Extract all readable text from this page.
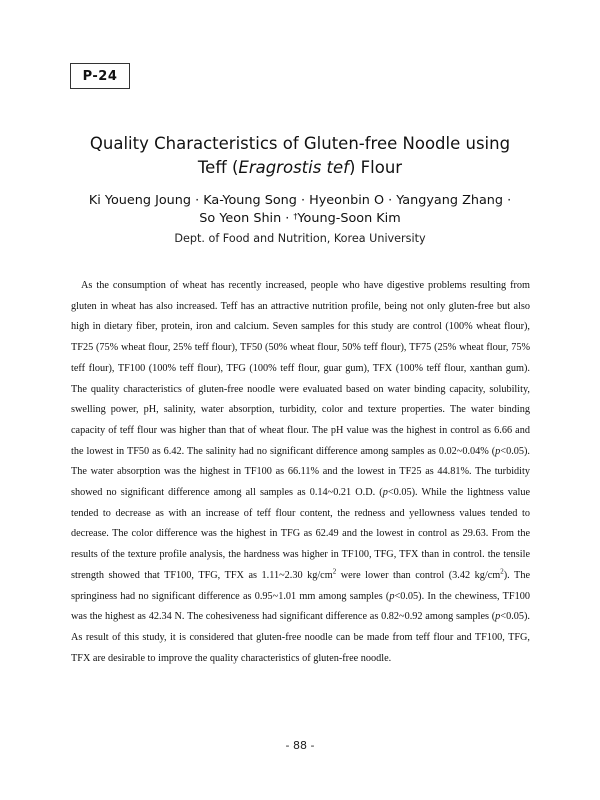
P-24
Quality Characteristics of Gluten-free Noodle using
Teff (Eragrostis tef) Flour
Ki Youeng Joung · Ka-Young Song · Hyeonbin O · Yangyang Zhang ·
So Yeon Shin · †Young-Soon Kim
Dept. of Food and Nutrition, Korea University

As the consumption of wheat has recently increased, people who have digestive problems resulting from gluten in wheat has also increased. Teff has an attractive nutrition profile, being not only gluten-free but also high in dietary fiber, protein, iron and calcium. Seven samples for this study are control (100% wheat flour), TF25 (75% wheat flour, 25% teff flour), TF50 (50% wheat flour, 50% teff flour), TF75 (25% wheat flour, 75% teff flour), TF100 (100% teff flour), TFG (100% teff flour, guar gum), TFX (100% teff flour, xanthan gum). The quality characteristics of gluten-free noodle were evaluated based on water binding capacity, solubility, swelling power, pH, salinity, water absorption, turbidity, color and texture properties. The water binding capacity of teff flour was higher than that of wheat flour. The pH value was the highest in control as 6.66 and the lowest in TF50 as 6.42. The salinity had no significant difference among samples as 0.02~0.04% (p<0.05). The water absorption was the highest in TF100 as 66.11% and the lowest in TF25 as 44.81%. The turbidity showed no significant difference among all samples as 0.14~0.21 O.D. (p<0.05). While the lightness value tended to decrease as with an increase of teff flour content, the redness and yellowness values tended to decrease. The color difference was the highest in TFG as 62.49 and the lowest in control as 29.63. From the results of the texture profile analysis, the hardness was higher in TF100, TFG, TFX than in control. the tensile strength showed that TF100, TFG, TFX as 1.11~2.30 $kg/cm^2$ were lower than control (3.42 $kg/cm^2$). The springiness had no significant difference as 0.95~1.01 mm among samples (p<0.05). In the chewiness, TF100 was the highest as 42.34 N. The cohesiveness had significant difference as 0.82~0.92 among samples (p<0.05). As result of this study, it is considered that gluten-free noodle can be made from teff flour and TF100, TFG, TFX are desirable to improve the quality characteristics of gluten-free noodle.

- 88 -
